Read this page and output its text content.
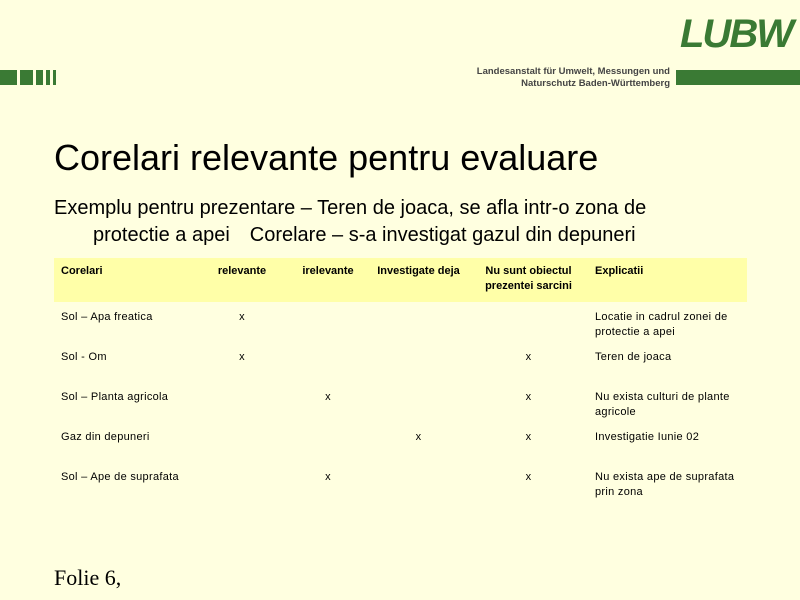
LUBW
Landesanstalt für Umwelt, Messungen und
Naturschutz Baden-Württemberg
Corelari relevante pentru evaluare
Exemplu pentru prezentare – Teren de joaca, se afla intr-o zona de
protectie a apei Corelare – s-a investigat gazul din depuneri
Corelari	relevante	irelevante	Investigate deja	Nu sunt obiectul prezentei sarcini	Explicatii
Sol – Apa freatica	x				Locatie in cadrul zonei de protectie a apei
Sol - Om	x			x	Teren de joaca
Sol – Planta agricola		x		x	Nu exista culturi de plante agricole
Gaz din depuneri			x	x	Investigatie Iunie 02
Sol – Ape de suprafata		x		x	Nu exista ape de suprafata prin zona
Folie 6,
